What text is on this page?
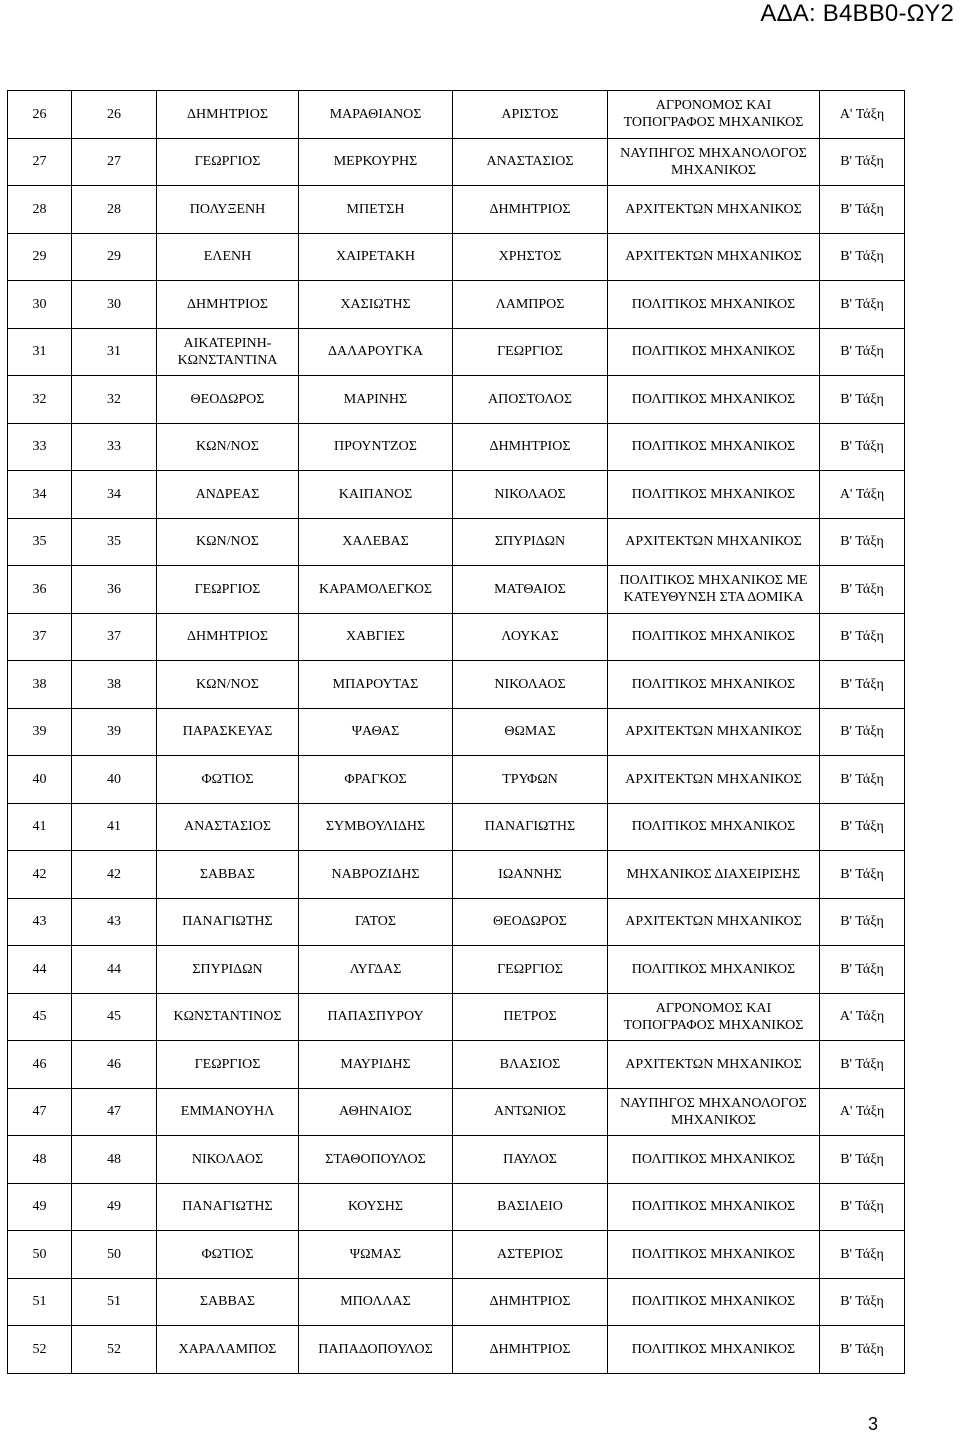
ΑΔΑ: Β4ΒΒ0-ΩΥ2
26	26	ΔΗΜΗΤΡΙΟΣ	ΜΑΡΑΘΙΑΝΟΣ	ΑΡΙΣΤΟΣ	ΑΓΡΟΝΟΜΟΣ ΚΑΙ ΤΟΠΟΓΡΑΦΟΣ ΜΗΧΑΝΙΚΟΣ	Α' Τάξη
27	27	ΓΕΩΡΓΙΟΣ	ΜΕΡΚΟΥΡΗΣ	ΑΝΑΣΤΑΣΙΟΣ	ΝΑΥΠΗΓΟΣ ΜΗΧΑΝΟΛΟΓΟΣ ΜΗΧΑΝΙΚΟΣ	Β' Τάξη
28	28	ΠΟΛΥΞΕΝΗ	ΜΠΕΤΣΗ	ΔΗΜΗΤΡΙΟΣ	ΑΡΧΙΤΕΚΤΩΝ ΜΗΧΑΝΙΚΟΣ	Β' Τάξη
29	29	ΕΛΕΝΗ	ΧΑΙΡΕΤΑΚΗ	ΧΡΗΣΤΟΣ	ΑΡΧΙΤΕΚΤΩΝ ΜΗΧΑΝΙΚΟΣ	Β' Τάξη
30	30	ΔΗΜΗΤΡΙΟΣ	ΧΑΣΙΩΤΗΣ	ΛΑΜΠΡΟΣ	ΠΟΛΙΤΙΚΟΣ ΜΗΧΑΝΙΚΟΣ	Β' Τάξη
31	31	ΑΙΚΑΤΕΡΙΝΗ-ΚΩΝΣΤΑΝΤΙΝΑ	ΔΑΛΑΡΟΥΓΚΑ	ΓΕΩΡΓΙΟΣ	ΠΟΛΙΤΙΚΟΣ ΜΗΧΑΝΙΚΟΣ	Β' Τάξη
32	32	ΘΕΟΔΩΡΟΣ	ΜΑΡΙΝΗΣ	ΑΠΟΣΤΟΛΟΣ	ΠΟΛΙΤΙΚΟΣ ΜΗΧΑΝΙΚΟΣ	Β' Τάξη
33	33	ΚΩΝ/ΝΟΣ	ΠΡΟΥΝΤΖΟΣ	ΔΗΜΗΤΡΙΟΣ	ΠΟΛΙΤΙΚΟΣ ΜΗΧΑΝΙΚΟΣ	Β' Τάξη
34	34	ΑΝΔΡΕΑΣ	ΚΑΙΠΑΝΟΣ	ΝΙΚΟΛΑΟΣ	ΠΟΛΙΤΙΚΟΣ ΜΗΧΑΝΙΚΟΣ	Α' Τάξη
35	35	ΚΩΝ/ΝΟΣ	ΧΑΛΕΒΑΣ	ΣΠΥΡΙΔΩΝ	ΑΡΧΙΤΕΚΤΩΝ ΜΗΧΑΝΙΚΟΣ	Β' Τάξη
36	36	ΓΕΩΡΓΙΟΣ	ΚΑΡΑΜΟΛΕΓΚΟΣ	ΜΑΤΘΑΙΟΣ	ΠΟΛΙΤΙΚΟΣ ΜΗΧΑΝΙΚΟΣ ΜΕ ΚΑΤΕΥΘΥΝΣΗ ΣΤΑ ΔΟΜΙΚΑ	Β' Τάξη
37	37	ΔΗΜΗΤΡΙΟΣ	ΧΑΒΓΙΕΣ	ΛΟΥΚΑΣ	ΠΟΛΙΤΙΚΟΣ ΜΗΧΑΝΙΚΟΣ	Β' Τάξη
38	38	ΚΩΝ/ΝΟΣ	ΜΠΑΡΟΥΤΑΣ	ΝΙΚΟΛΑΟΣ	ΠΟΛΙΤΙΚΟΣ ΜΗΧΑΝΙΚΟΣ	Β' Τάξη
39	39	ΠΑΡΑΣΚΕΥΑΣ	ΨΑΘΑΣ	ΘΩΜΑΣ	ΑΡΧΙΤΕΚΤΩΝ ΜΗΧΑΝΙΚΟΣ	Β' Τάξη
40	40	ΦΩΤΙΟΣ	ΦΡΑΓΚΟΣ	ΤΡΥΦΩΝ	ΑΡΧΙΤΕΚΤΩΝ ΜΗΧΑΝΙΚΟΣ	Β' Τάξη
41	41	ΑΝΑΣΤΑΣΙΟΣ	ΣΥΜΒΟΥΛΙΔΗΣ	ΠΑΝΑΓΙΩΤΗΣ	ΠΟΛΙΤΙΚΟΣ ΜΗΧΑΝΙΚΟΣ	Β' Τάξη
42	42	ΣΑΒΒΑΣ	ΝΑΒΡΟΖΙΔΗΣ	ΙΩΑΝΝΗΣ	ΜΗΧΑΝΙΚΟΣ ΔΙΑΧΕΙΡΙΣΗΣ	Β' Τάξη
43	43	ΠΑΝΑΓΙΩΤΗΣ	ΓΑΤΟΣ	ΘΕΟΔΩΡΟΣ	ΑΡΧΙΤΕΚΤΩΝ ΜΗΧΑΝΙΚΟΣ	Β' Τάξη
44	44	ΣΠΥΡΙΔΩΝ	ΛΥΓΔΑΣ	ΓΕΩΡΓΙΟΣ	ΠΟΛΙΤΙΚΟΣ ΜΗΧΑΝΙΚΟΣ	Β' Τάξη
45	45	ΚΩΝΣΤΑΝΤΙΝΟΣ	ΠΑΠΑΣΠΥΡΟΥ	ΠΕΤΡΟΣ	ΑΓΡΟΝΟΜΟΣ ΚΑΙ ΤΟΠΟΓΡΑΦΟΣ ΜΗΧΑΝΙΚΟΣ	Α' Τάξη
46	46	ΓΕΩΡΓΙΟΣ	ΜΑΥΡΙΔΗΣ	ΒΛΑΣΙΟΣ	ΑΡΧΙΤΕΚΤΩΝ ΜΗΧΑΝΙΚΟΣ	Β' Τάξη
47	47	ΕΜΜΑΝΟΥΗΛ	ΑΘΗΝΑΙΟΣ	ΑΝΤΩΝΙΟΣ	ΝΑΥΠΗΓΟΣ ΜΗΧΑΝΟΛΟΓΟΣ ΜΗΧΑΝΙΚΟΣ	Α' Τάξη
48	48	ΝΙΚΟΛΑΟΣ	ΣΤΑΘΟΠΟΥΛΟΣ	ΠΑΥΛΟΣ	ΠΟΛΙΤΙΚΟΣ ΜΗΧΑΝΙΚΟΣ	Β' Τάξη
49	49	ΠΑΝΑΓΙΩΤΗΣ	ΚΟΥΣΗΣ	ΒΑΣΙΛΕΙΟ	ΠΟΛΙΤΙΚΟΣ ΜΗΧΑΝΙΚΟΣ	Β' Τάξη
50	50	ΦΩΤΙΟΣ	ΨΩΜΑΣ	ΑΣΤΕΡΙΟΣ	ΠΟΛΙΤΙΚΟΣ ΜΗΧΑΝΙΚΟΣ	Β' Τάξη
51	51	ΣΑΒΒΑΣ	ΜΠΟΛΛΑΣ	ΔΗΜΗΤΡΙΟΣ	ΠΟΛΙΤΙΚΟΣ ΜΗΧΑΝΙΚΟΣ	Β' Τάξη
52	52	ΧΑΡΑΛΑΜΠΟΣ	ΠΑΠΑΔΟΠΟΥΛΟΣ	ΔΗΜΗΤΡΙΟΣ	ΠΟΛΙΤΙΚΟΣ ΜΗΧΑΝΙΚΟΣ	Β' Τάξη
3
